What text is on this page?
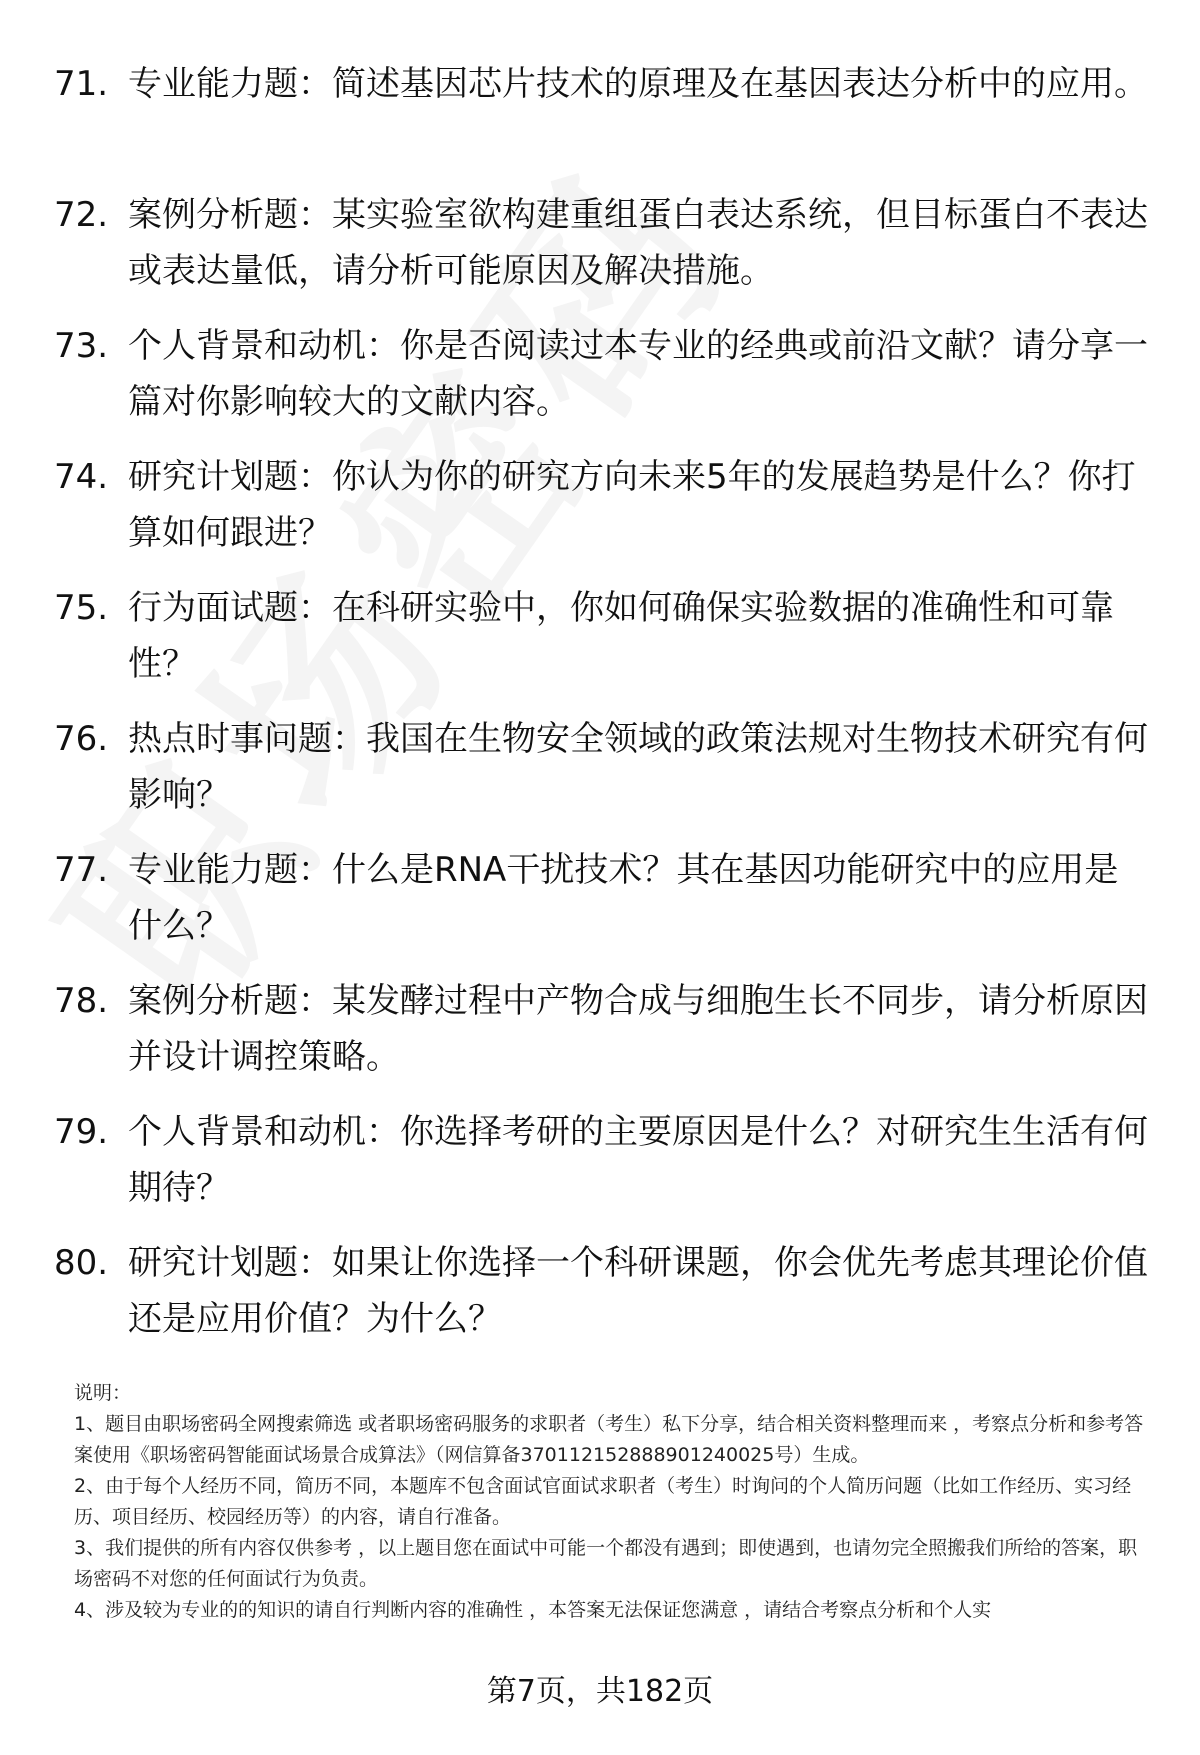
71. 专业能力题：简述基因芯片技术的原理及在基因表达分析中的应用。
72. 案例分析题：某实验室欲构建重组蛋白表达系统，但目标蛋白不表达或表达量低，请分析可能原因及解决措施。
73. 个人背景和动机：你是否阅读过本专业的经典或前沿文献？请分享一篇对你影响较大的文献内容。
74. 研究计划题：你认为你的研究方向未来5年的发展趋势是什么？你打算如何跟进？
75. 行为面试题：在科研实验中，你如何确保实验数据的准确性和可靠性？
76. 热点时事问题：我国在生物安全领域的政策法规对生物技术研究有何影响？
77. 专业能力题：什么是RNA干扰技术？其在基因功能研究中的应用是什么？
78. 案例分析题：某发酵过程中产物合成与细胞生长不同步，请分析原因并设计调控策略。
79. 个人背景和动机：你选择考研的主要原因是什么？对研究生生活有何期待？
80. 研究计划题：如果让你选择一个科研课题，你会优先考虑其理论价值还是应用价值？为什么？

说明：

1、题目由职场密码全网搜索筛选 或者职场密码服务的求职者（考生）私下分享，结合相关资料整理而来 ，考察点分析和参考答案使用《职场密码智能面试场景合成算法》（网信算备370112152888901240025号）生成。

2、由于每个人经历不同，简历不同，本题库不包含面试官面试求职者（考生）时询问的个人简历问题（比如工作经历、实习经历、项目经历、校园经历等）的内容，请自行准备。

3、我们提供的所有内容仅供参考 ，以上题目您在面试中可能一个都没有遇到；即使遇到，也请勿完全照搬我们所给的答案，职场密码不对您的任何面试行为负责。

4、涉及较为专业的的知识的请自行判断内容的准确性 ，本答案无法保证您满意 ，请结合考察点分析和个人实

第7页，共182页
